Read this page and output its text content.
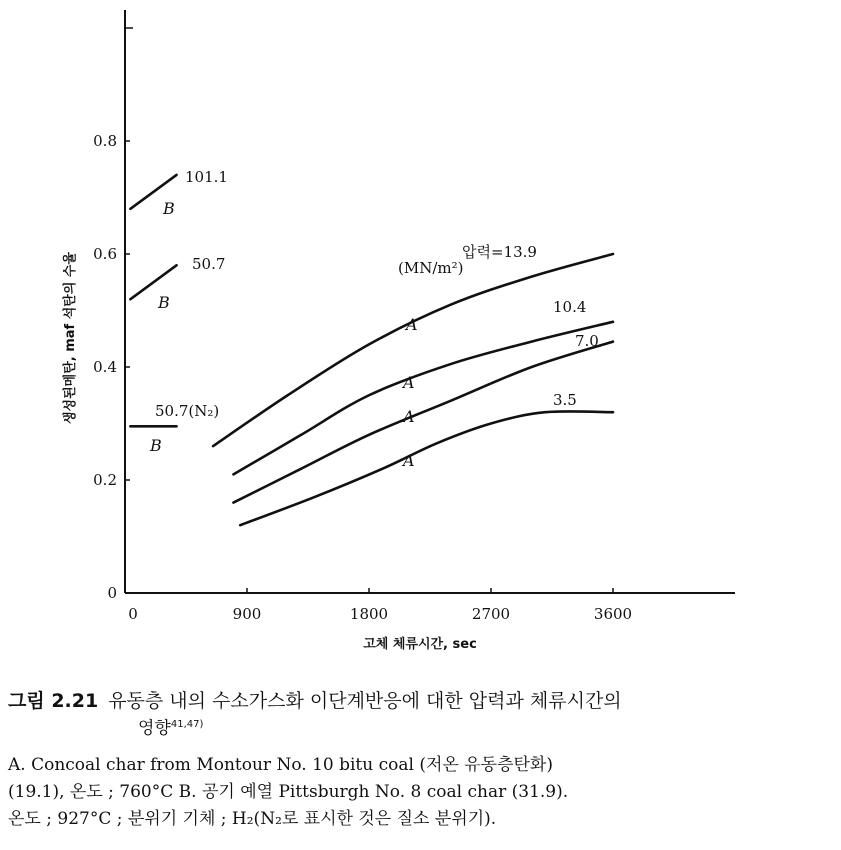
0	900	1800	2700	3600
0
0.2
0.4
0.6
0.8
압력=13.9
(MN/m²)
10.4
7.0
3.5
101.1
50.7
50.7(N₂)
A
A
A
A
B
B
B
고체 체류시간, sec
생성된메탄, maf 석탄의 수율
그림 2.21 유동층 내의 수소가스화 이단계반응에 대한 압력과 체류시간의
영향$^{41,47)}$
A. Concoal char from Montour No. 10 bitu coal (저온 유동층탄화)
(19.1), 온도 ; 760°C B. 공기 예열 Pittsburgh No. 8 coal char (31.9).
온도 ; 927°C ; 분위기 기체 ; H₂(N₂로 표시한 것은 질소 분위기).
